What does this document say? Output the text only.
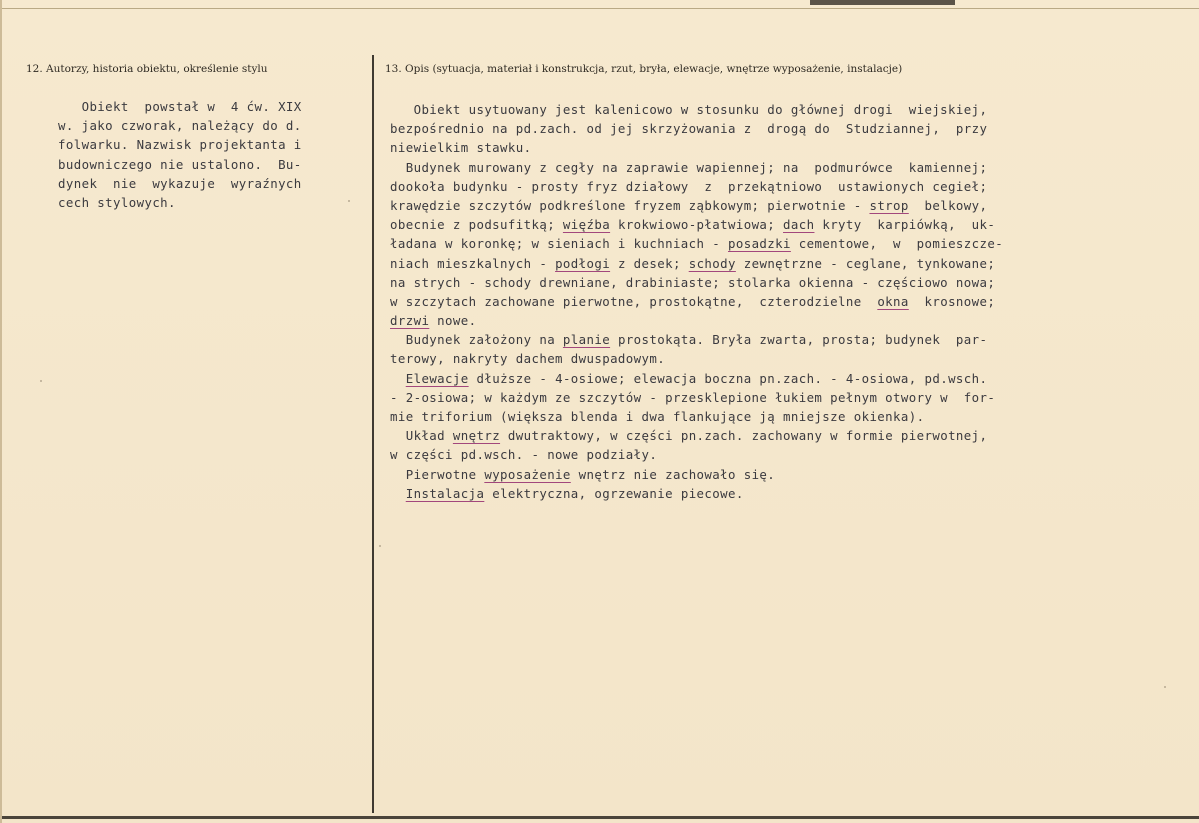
12. Autorzy, historia obiektu, określenie stylu	13. Opis (sytuacja, materiał i konstrukcja, rzut, bryła, elewacje, wnętrze wyposażenie, instalacje)
Obiekt  powstał w  4 ćw. XIX
w. jako czworak, należący do d.
folwarku. Nazwisk projektanta i
budowniczego nie ustalono.  Bu-
dynek  nie  wykazuje  wyraźnych
cech stylowych.
Obiekt usytuowany jest kalenicowo w stosunku do głównej drogi  wiejskiej,
bezpośrednio na pd.zach. od jej skrzyżowania z  drogą do  Studziannej,  przy
niewielkim stawku.
Budynek murowany z cegły na zaprawie wapiennej; na  podmurówce  kamiennej;
dookoła budynku - prosty fryz działowy  z  przekątniowo  ustawionych cegieł;
krawędzie szczytów podkreślone fryzem ząbkowym; pierwotnie - strop  belkowy,
obecnie z podsufitką; więźba krokwiowo-płatwiowa; dach kryty  karpiówką,  uk-
ładana w koronkę; w sieniach i kuchniach - posadzki cementowe,  w  pomieszcze-
niach mieszkalnych - podłogi z desek; schody zewnętrzne - ceglane, tynkowane;
na strych - schody drewniane, drabiniaste; stolarka okienna - częściowo nowa;
w szczytach zachowane pierwotne, prostokątne,  czterodzielne  okna  krosnowe;
drzwi nowe.
Budynek założony na planie prostokąta. Bryła zwarta, prosta; budynek  par-
terowy, nakryty dachem dwuspadowym.
Elewacje dłuższe - 4-osiowe; elewacja boczna pn.zach. - 4-osiowa, pd.wsch.
- 2-osiowa; w każdym ze szczytów - przesklepione łukiem pełnym otwory w  for-
mie triforium (większa blenda i dwa flankujące ją mniejsze okienka).
Układ wnętrz dwutraktowy, w części pn.zach. zachowany w formie pierwotnej,
w części pd.wsch. - nowe podziały.
Pierwotne wyposażenie wnętrz nie zachowało się.
Instalacja elektryczna, ogrzewanie piecowe.
